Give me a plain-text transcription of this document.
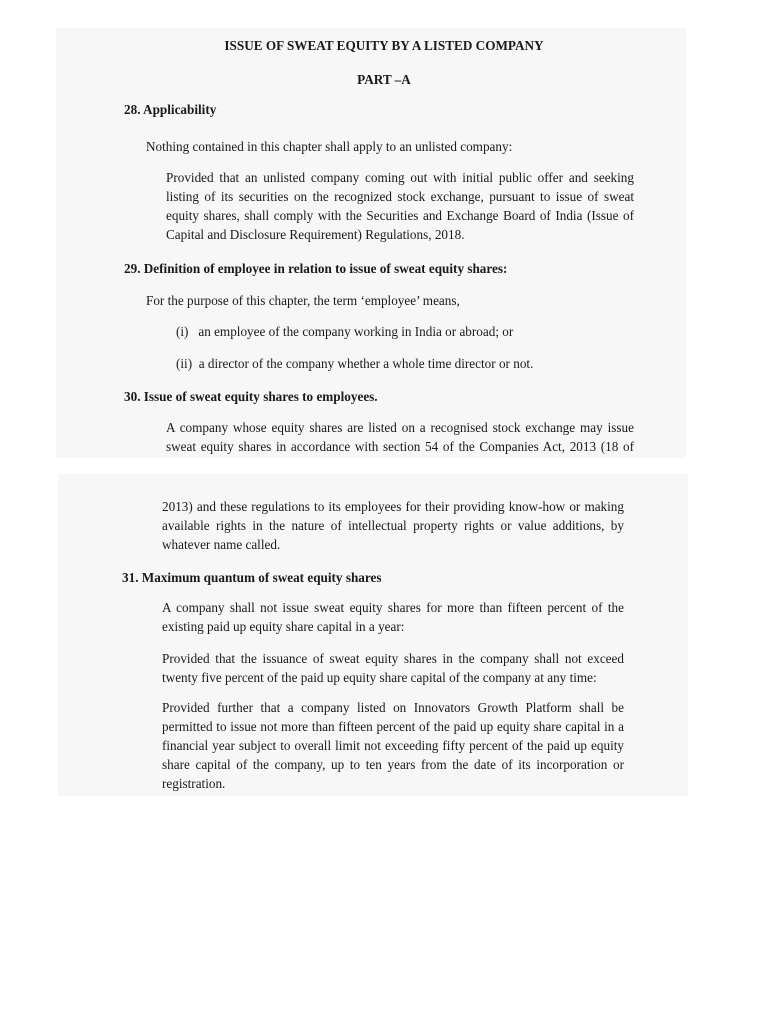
ISSUE OF SWEAT EQUITY BY A LISTED COMPANY
PART –A
28. Applicability
Nothing contained in this chapter shall apply to an unlisted company:
Provided that an unlisted company coming out with initial public offer and seeking
listing of its securities on the recognized stock exchange, pursuant to issue of sweat
equity shares, shall comply with the Securities and Exchange Board of India (Issue of
Capital and Disclosure Requirement) Regulations, 2018.
29. Definition of employee in relation to issue of sweat equity shares:
For the purpose of this chapter, the term ‘employee’ means,
(i)   an employee of the company working in India or abroad; or
(ii)  a director of the company whether a whole time director or not.
30. Issue of sweat equity shares to employees.
A company whose equity shares are listed on a recognised stock exchange may issue
sweat equity shares in accordance with section 54 of the Companies Act, 2013 (18 of
2013) and these regulations to its employees for their providing know-how or making
available rights in the nature of intellectual property rights or value additions, by
whatever name called.
31. Maximum quantum of sweat equity shares
A company shall not issue sweat equity shares for more than fifteen percent of the
existing paid up equity share capital in a year:
Provided that the issuance of sweat equity shares in the company shall not exceed
twenty five percent of the paid up equity share capital of the company at any time:
Provided further that a company listed on Innovators Growth Platform shall be
permitted to issue not more than fifteen percent of the paid up equity share capital in a
financial year subject to overall limit not exceeding fifty percent of the paid up equity
share capital of the company, up to ten years from the date of its incorporation or
registration.
